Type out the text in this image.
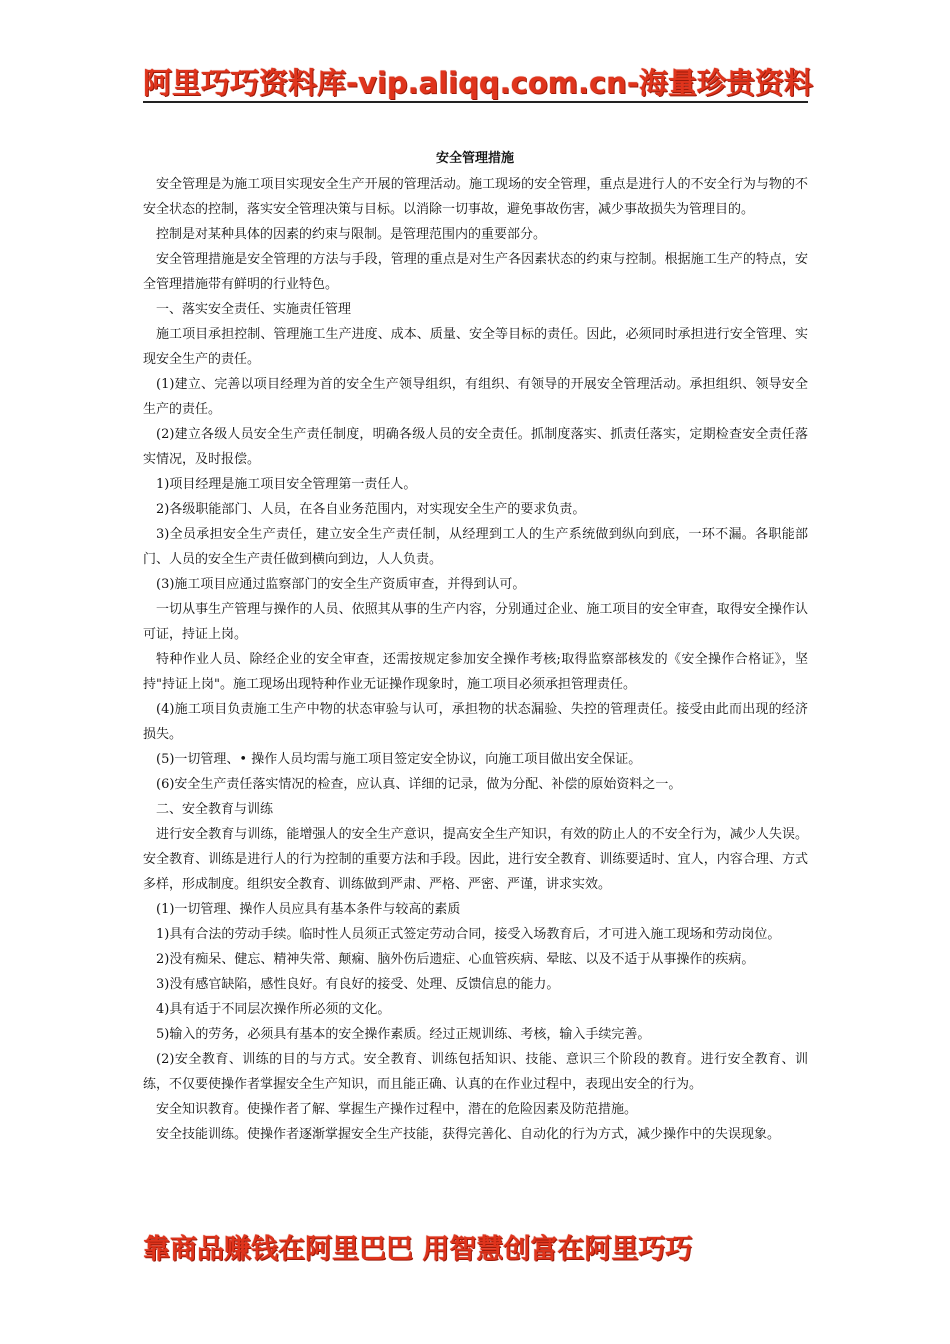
阿里巧巧资料库-vip.aliqq.com.cn-海量珍贵资料
安全管理措施

安全管理是为施工项目实现安全生产开展的管理活动。施工现场的安全管理，重点是进行人的不安全行为与物的不安全状态的控制，落实安全管理决策与目标。以消除一切事故，避免事故伤害，减少事故损失为管理目的。

控制是对某种具体的因素的约束与限制。是管理范围内的重要部分。

安全管理措施是安全管理的方法与手段，管理的重点是对生产各因素状态的约束与控制。根据施工生产的特点，安全管理措施带有鲜明的行业特色。

一、落实安全责任、实施责任管理

施工项目承担控制、管理施工生产进度、成本、质量、安全等目标的责任。因此，必须同时承担进行安全管理、实现安全生产的责任。

(1)建立、完善以项目经理为首的安全生产领导组织，有组织、有领导的开展安全管理活动。承担组织、领导安全生产的责任。

(2)建立各级人员安全生产责任制度，明确各级人员的安全责任。抓制度落实、抓责任落实，定期检查安全责任落实情况，及时报偿。

1)项目经理是施工项目安全管理第一责任人。

2)各级职能部门、人员，在各自业务范围内，对实现安全生产的要求负责。

3)全员承担安全生产责任，建立安全生产责任制，从经理到工人的生产系统做到纵向到底，一环不漏。各职能部门、人员的安全生产责任做到横向到边，人人负责。

(3)施工项目应通过监察部门的安全生产资质审查，并得到认可。

一切从事生产管理与操作的人员、依照其从事的生产内容，分别通过企业、施工项目的安全审查，取得安全操作认可证，持证上岗。

特种作业人员、除经企业的安全审查，还需按规定参加安全操作考核;取得监察部核发的《安全操作合格证》，坚持"持证上岗"。施工现场出现特种作业无证操作现象时，施工项目必须承担管理责任。

(4)施工项目负责施工生产中物的状态审验与认可，承担物的状态漏验、失控的管理责任。接受由此而出现的经济损失。

(5)一切管理、• 操作人员均需与施工项目签定安全协议，向施工项目做出安全保证。

(6)安全生产责任落实情况的检查，应认真、详细的记录，做为分配、补偿的原始资料之一。

二、安全教育与训练

进行安全教育与训练，能增强人的安全生产意识，提高安全生产知识，有效的防止人的不安全行为，减少人失误。安全教育、训练是进行人的行为控制的重要方法和手段。因此，进行安全教育、训练要适时、宜人，内容合理、方式多样，形成制度。组织安全教育、训练做到严肃、严格、严密、严谨，讲求实效。

(1)一切管理、操作人员应具有基本条件与较高的素质

1)具有合法的劳动手续。临时性人员须正式签定劳动合同，接受入场教育后，才可进入施工现场和劳动岗位。

2)没有痴呆、健忘、精神失常、颠痫、脑外伤后遗症、心血管疾病、晕眩、以及不适于从事操作的疾病。

3)没有感官缺陷，感性良好。有良好的接受、处理、反馈信息的能力。

4)具有适于不同层次操作所必须的文化。

5)输入的劳务，必须具有基本的安全操作素质。经过正规训练、考核，输入手续完善。

(2)安全教育、训练的目的与方式。安全教育、训练包括知识、技能、意识三个阶段的教育。进行安全教育、训练，不仅要使操作者掌握安全生产知识，而且能正确、认真的在作业过程中，表现出安全的行为。

安全知识教育。使操作者了解、掌握生产操作过程中，潜在的危险因素及防范措施。

安全技能训练。使操作者逐渐掌握安全生产技能，获得完善化、自动化的行为方式，减少操作中的失误现象。

靠商品赚钱在阿里巴巴 用智慧创富在阿里巧巧
